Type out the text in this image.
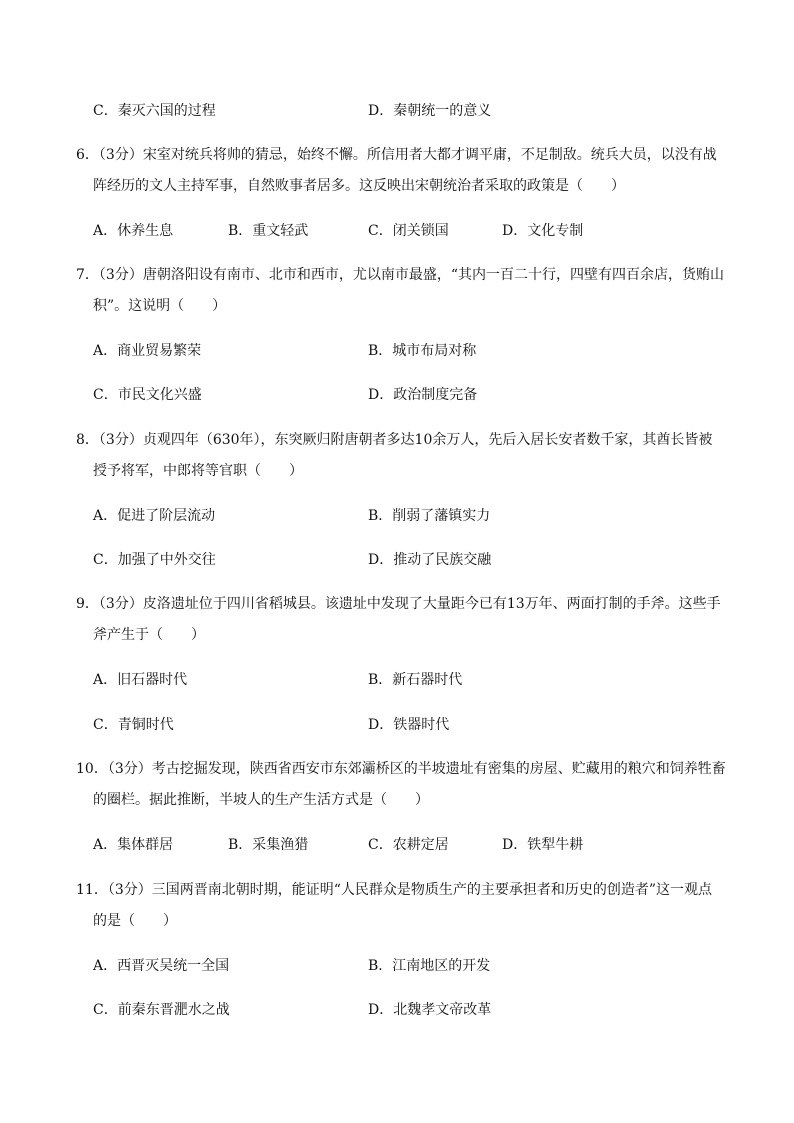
C．秦灭六国的过程	D．秦朝统一的意义
6．（3分）宋室对统兵将帅的猜忌，始终不懈。所信用者大都才调平庸，不足制敌。统兵大员，以没有战
阵经历的文人主持军事，自然败事者居多。这反映出宋朝统治者采取的政策是（　　）
A．休养生息	B．重文轻武	C．闭关锁国	D．文化专制
7．（3分）唐朝洛阳设有南市、北市和西市，尤以南市最盛，“其内一百二十行，四壁有四百余店，货贿山
积”。这说明（　　）
A．商业贸易繁荣	B．城市布局对称
C．市民文化兴盛	D．政治制度完备
8．（3分）贞观四年（630年），东突厥归附唐朝者多达10余万人，先后入居长安者数千家，其酋长皆被
授予将军，中郎将等官职（　　）
A．促进了阶层流动	B．削弱了藩镇实力
C．加强了中外交往	D．推动了民族交融
9．（3分）皮洛遗址位于四川省稻城县。该遗址中发现了大量距今已有13万年、两面打制的手斧。这些手
斧产生于（　　）
A．旧石器时代	B．新石器时代
C．青铜时代	D．铁器时代
10．（3分）考古挖掘发现，陕西省西安市东郊灞桥区的半坡遗址有密集的房屋、贮藏用的粮穴和饲养牲畜
的圈栏。据此推断，半坡人的生产生活方式是（　　）
A．集体群居	B．采集渔猎	C．农耕定居	D．铁犁牛耕
11．（3分）三国两晋南北朝时期，能证明“人民群众是物质生产的主要承担者和历史的创造者”这一观点
的是（　　）
A．西晋灭吴统一全国	B．江南地区的开发
C．前秦东晋淝水之战	D．北魏孝文帝改革
